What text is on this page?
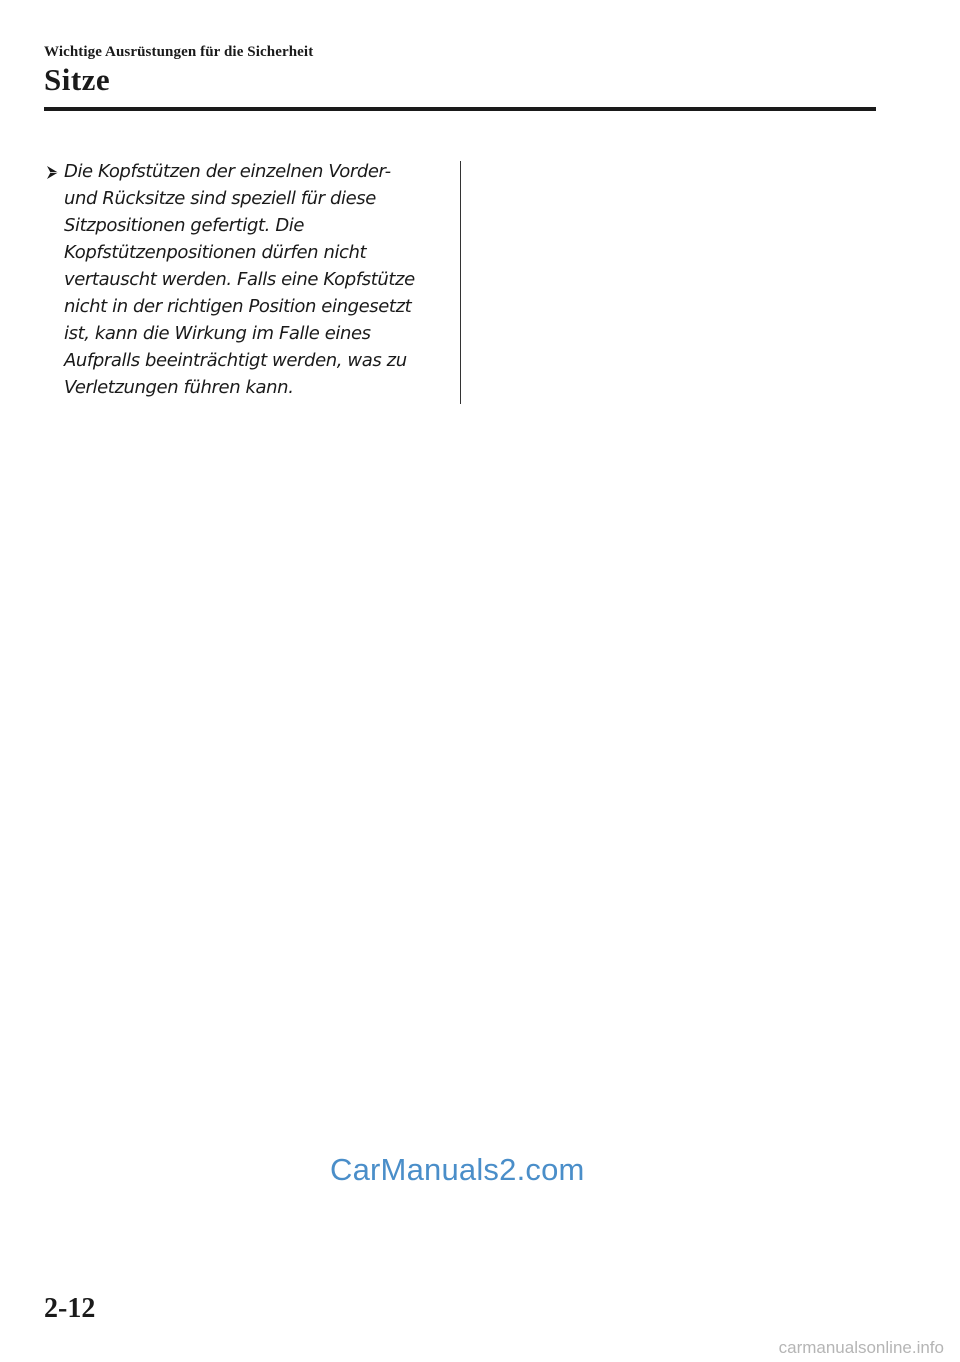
Wichtige Ausrüstungen für die Sicherheit
Sitze

Die Kopfstützen der einzelnen Vorder-
und Rücksitze sind speziell für diese
Sitzpositionen gefertigt. Die
Kopfstützenpositionen dürfen nicht
vertauscht werden. Falls eine Kopfstütze
nicht in der richtigen Position eingesetzt
ist, kann die Wirkung im Falle eines
Aufpralls beeinträchtigt werden, was zu
Verletzungen führen kann.

CarManuals2.com
2-12
carmanualsonline.info
